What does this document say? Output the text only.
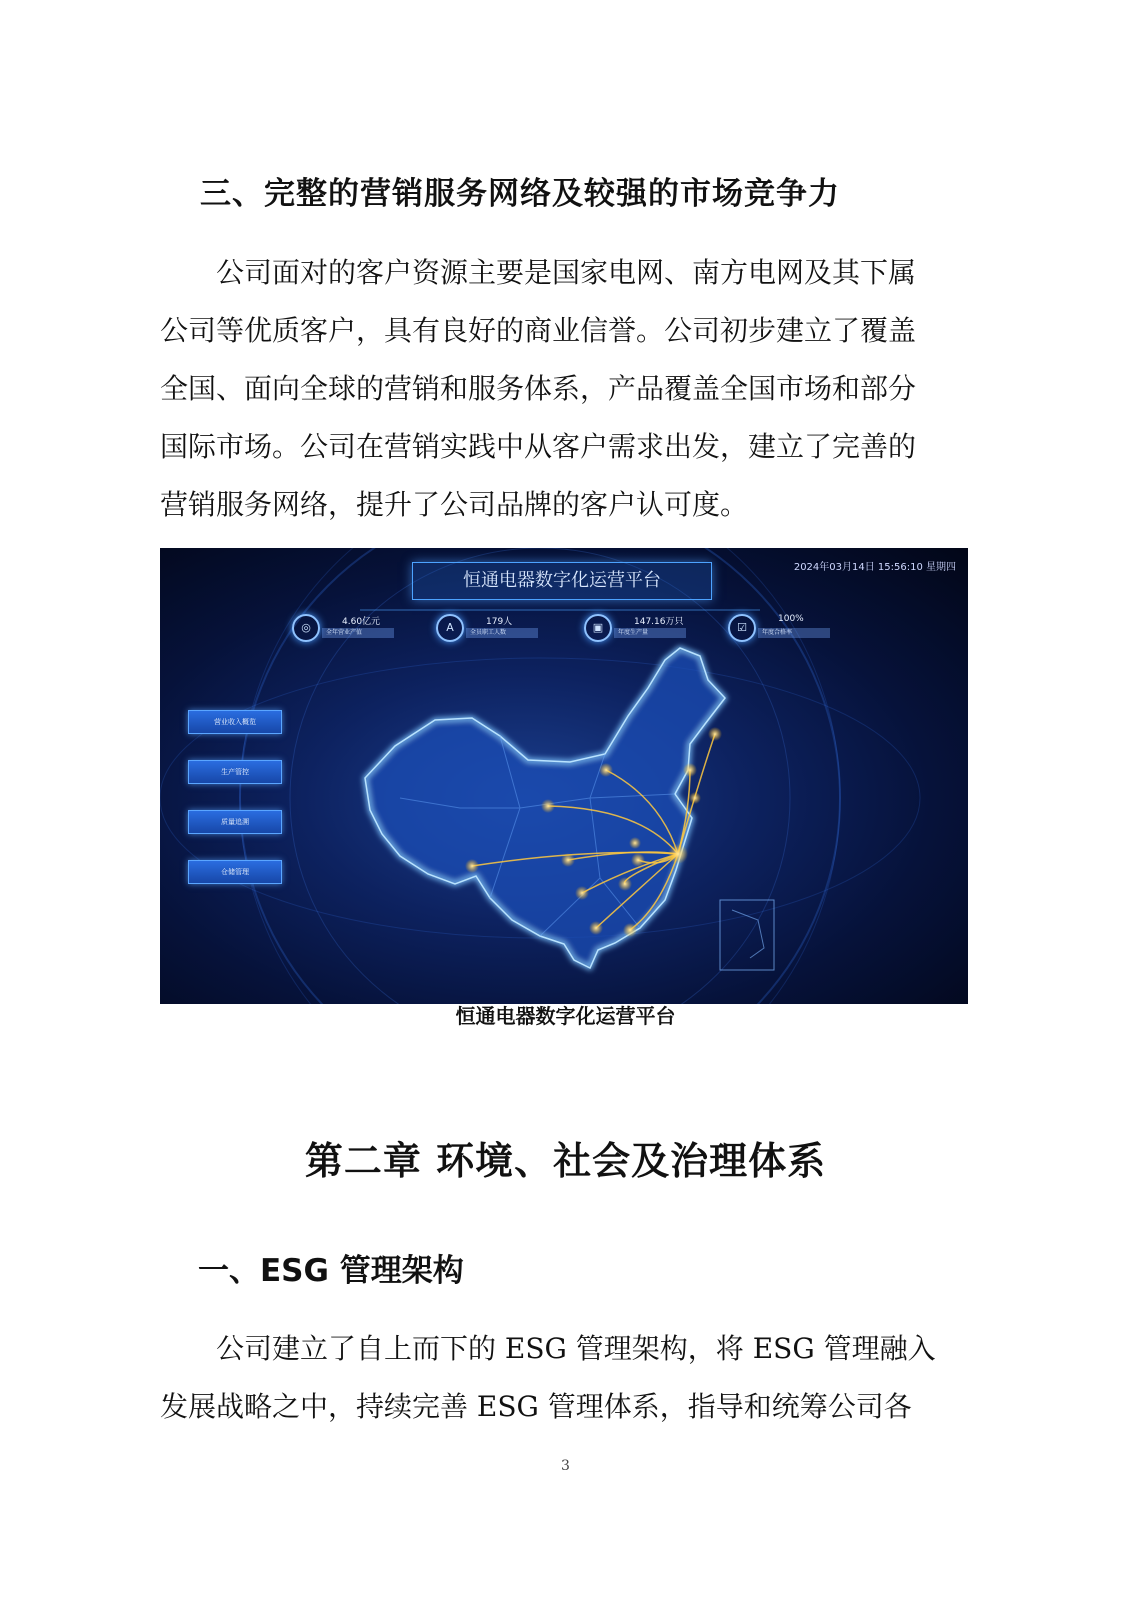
三、完整的营销服务网络及较强的市场竞争力

公司面对的客户资源主要是国家电网、南方电网及其下属

公司等优质客户，具有良好的商业信誉。公司初步建立了覆盖

全国、面向全球的营销和服务体系，产品覆盖全国市场和部分

国际市场。公司在营销实践中从客户需求出发，建立了完善的

营销服务网络，提升了公司品牌的客户认可度。

恒通电器数字化运营平台
2024年03月14日 15:56:10 星期四
◎	4.60亿元
全年营业产值	A	179人
全员职工人数	▣	147.16万只
年度生产量	☑
100%
年度合格率
营业收入概览
生产管控
质量追溯
仓储管理
恒通电器数字化运营平台
第二章 环境、社会及治理体系
一、ESG 管理架构

公司建立了自上而下的 ESG 管理架构，将 ESG 管理融入

发展战略之中，持续完善 ESG 管理体系，指导和统筹公司各

3
